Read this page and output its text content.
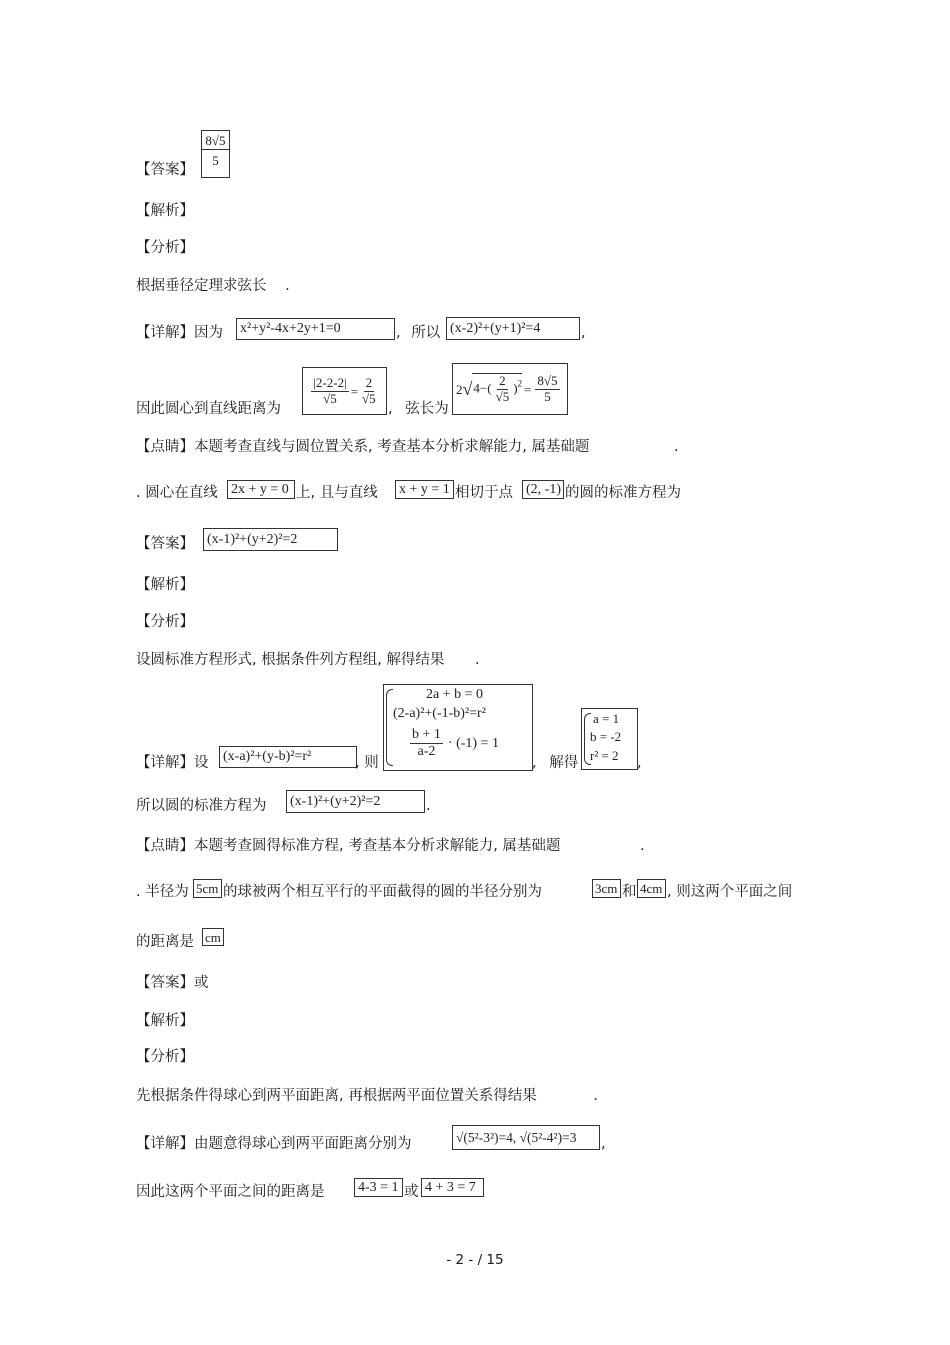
【答案】 $\frac{8√5}{5}$
【解析】
【分析】
根据垂径定理求弦长 .
【详解】因为 x²+y²-4x+2y+1=0	, 所以 (x-2)²+(y+1)²=4	,
因此圆心到直线距离为
$\frac{|2-2-2|}{√5} = \frac{2}{√5}$
, 弦长为
2 √ $4-( \frac{2}{√5} )^2 = \frac{8√5}{5}$
【点睛】本题考查直线与圆位置关系, 考查基本分析求解能力, 属基础题	.
. 圆心在直线 2x + y = 0 上, 且与直线 x + y = 1 相切于点 (2, -1) 的圆的标准方程为
【答案】 (x-1)²+(y+2)²=2
【解析】
【分析】
设圆标准方程形式, 根据条件列方程组, 解得结果 .
【详解】设 (x-a)²+(y-b)²=r²	, 则
2a + b = 0
(2-a)²+(-1-b)²=r²
$\frac{b + 1}{a-2} \cdot (-1) = 1$
, 解得
a = 1
b = -2
r² = 2 ,
所以圆的标准方程为 (x-1)²+(y+2)²=2	.
【点睛】本题考查圆得标准方程, 考查基本分析求解能力, 属基础题	.
. 半径为 5cm 的球被两个相互平行的平面截得的圆的半径分别为	3cm 和 4cm , 则这两个平面之间
的距离是 cm
【答案】或
【解析】
【分析】
先根据条件得球心到两平面距离, 再根据两平面位置关系得结果	.
【详解】由题意得球心到两平面距离分别为	√(5²-3²)=4, √(5²-4²)=3	,
因此这两个平面之间的距离是 4-3 = 1 或 4 + 3 = 7
- 2 - / 15
